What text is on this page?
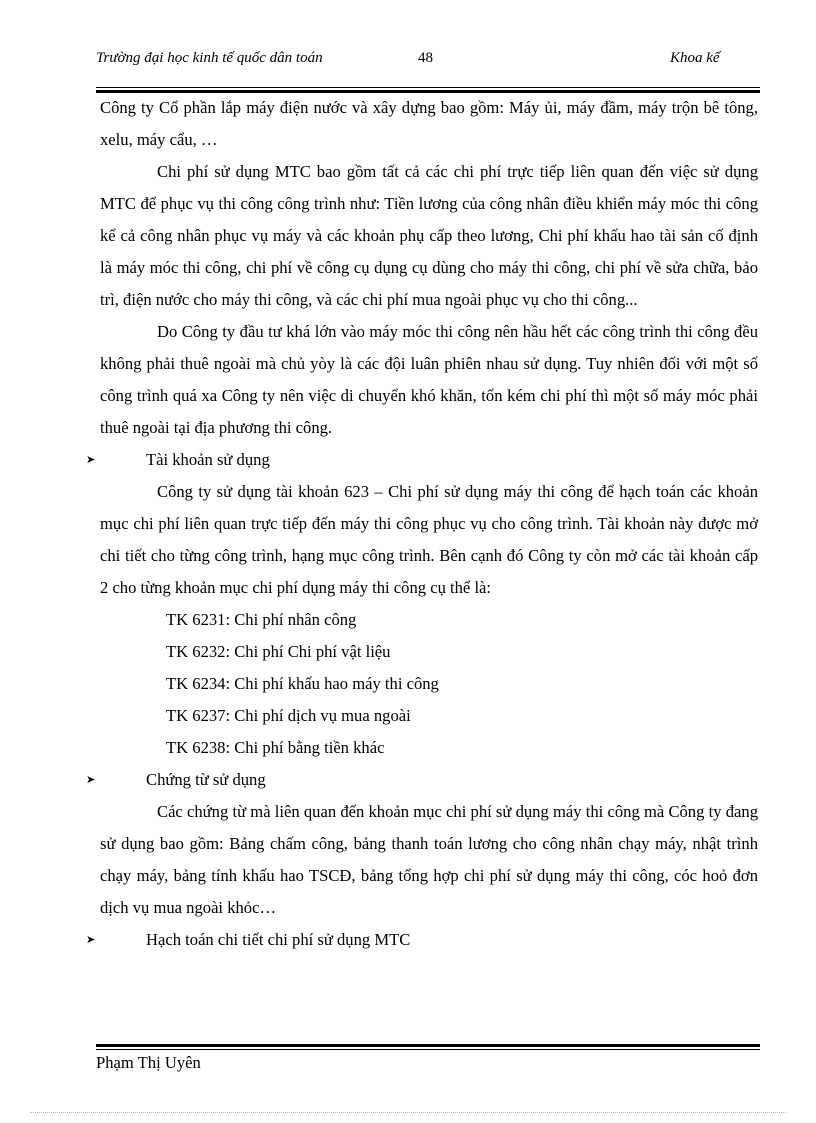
Trường đại học kinh tế quốc dân toán	48	Khoa kế

Công ty Cổ phần lắp máy điện nước và xây dựng bao gồm: Máy ủi, máy đầm, máy trộn bê tông, xelu, máy cẩu, …

Chi phí sử dụng MTC bao gồm tất cả các chi phí trực tiếp liên quan đến việc sử dụng MTC để phục vụ thi công công trình như: Tiền lương của công nhân điều khiển máy móc thi công kể cả công nhân phục vụ máy và các khoản phụ cấp theo lương, Chi phí khấu hao tài sản cố định là máy móc thi công, chi phí về công cụ dụng cụ dùng cho máy thi công, chi phí về sửa chữa, bảo trì, điện nước cho máy thi công, và các chi phí mua ngoài phục vụ cho thi công...

Do Công ty đầu tư khá lớn vào máy móc thi công nên hầu hết các công trình thi công đều không phải thuê ngoài mà chủ yòy là các đội luân phiên nhau sử dụng. Tuy nhiên đối với một số công trình quá xa Công ty nên việc di chuyển khó khăn, tốn kém chi phí thì một số máy móc phải thuê ngoài tại địa phương thi công.

➤	Tài khoản sử dụng

Công ty sử dụng tài khoản 623 – Chi phí sử dụng máy thi công để hạch toán các khoản mục chi phí liên quan trực tiếp đến máy thi công phục vụ cho công trình. Tài khoản này được mở chi tiết cho từng công trình, hạng mục công trình. Bên cạnh đó Công ty còn mở các tài khoản cấp 2 cho từng khoản mục chi phí dụng máy thi công cụ thể là:

TK 6231: Chi phí nhân công

TK 6232: Chi phí Chi phí vật liệu

TK 6234: Chi phí khấu hao máy thi công

TK 6237: Chi phí dịch vụ mua ngoài

TK 6238: Chi phí bằng tiền khác

➤	Chứng từ sử dụng

Các chứng từ mà liên quan đến khoản mục chi phí sử dụng máy thi công mà Công ty đang sử dụng bao gồm: Bảng chấm công, bảng thanh toán lương cho công nhân chạy máy, nhật trình chạy máy, bảng tính khấu hao TSCĐ, bảng tổng hợp chi phí sử dụng máy thi công, cóc hoỏ đơn dịch vụ mua ngoài khỏc…

➤	Hạch toán chi tiết chi phí sử dụng MTC

Phạm Thị Uyên
